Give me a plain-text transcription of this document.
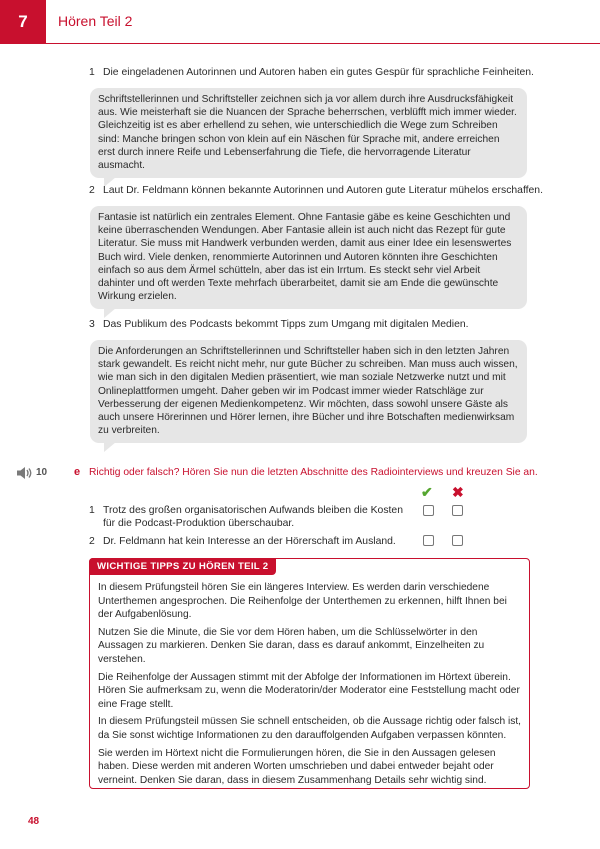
7	Hören Teil 2
1 Die eingeladenen Autorinnen und Autoren haben ein gutes Gespür für sprachliche Feinheiten.
Schriftstellerinnen und Schriftsteller zeichnen sich ja vor allem durch ihre Ausdrucksfähigkeit aus. Wie meisterhaft sie die Nuancen der Sprache beherrschen, verblüfft mich immer wieder. Gleichzeitig ist es aber erhellend zu sehen, wie unterschiedlich die Wege zum Schreiben sind: Manche bringen schon von klein auf ein Näschen für Sprache mit, andere erreichen erst durch innere Reife und Lebenserfahrung die Tiefe, die hervorragende Literatur ausmacht.
2 Laut Dr. Feldmann können bekannte Autorinnen und Autoren gute Literatur mühelos erschaffen.
Fantasie ist natürlich ein zentrales Element. Ohne Fantasie gäbe es keine Geschichten und keine überraschenden Wendungen. Aber Fantasie allein ist auch nicht das Rezept für gute Literatur. Sie muss mit Handwerk verbunden werden, damit aus einer Idee ein lesenswertes Buch wird. Viele denken, renommierte Autorinnen und Autoren könnten ihre Geschichten einfach so aus dem Ärmel schütteln, aber das ist ein Irrtum. Es steckt sehr viel Arbeit dahinter und oft werden Texte mehrfach überarbeitet, damit sie am Ende die gewünschte Wirkung erzielen.
3 Das Publikum des Podcasts bekommt Tipps zum Umgang mit digitalen Medien.
Die Anforderungen an Schriftstellerinnen und Schriftsteller haben sich in den letzten Jahren stark gewandelt. Es reicht nicht mehr, nur gute Bücher zu schreiben. Man muss auch wissen, wie man sich in den digitalen Medien präsentiert, wie man soziale Netzwerke nutzt und mit Onlineplattformen umgeht. Daher geben wir im Podcast immer wieder Ratschläge zur Verbesserung der eigenen Medienkompetenz. Wir möchten, dass sowohl unsere Gäste als auch unsere Hörerinnen und Hörer lernen, ihre Bücher und ihre Botschaften medienwirksam zu verbreiten.
10 e Richtig oder falsch? Hören Sie nun die letzten Abschnitte des Radiointerviews und kreuzen Sie an.
✔ ✖
1 Trotz des großen organisatorischen Aufwands bleiben die Kosten für die Podcast-Produktion überschaubar.
2 Dr. Feldmann hat kein Interesse an der Hörerschaft im Ausland.
WICHTIGE TIPPS ZU HÖREN TEIL 2

In diesem Prüfungsteil hören Sie ein längeres Interview. Es werden darin verschiedene Unterthemen angesprochen. Die Reihenfolge der Unterthemen zu erkennen, hilft Ihnen bei der Aufgabenlösung.

Nutzen Sie die Minute, die Sie vor dem Hören haben, um die Schlüsselwörter in den Aussagen zu markieren. Denken Sie daran, dass es darauf ankommt, Einzelheiten zu verstehen.

Die Reihenfolge der Aussagen stimmt mit der Abfolge der Informationen im Hörtext überein. Hören Sie aufmerksam zu, wenn die Moderatorin/der Moderator eine Feststellung macht oder eine Frage stellt.

In diesem Prüfungsteil müssen Sie schnell entscheiden, ob die Aussage richtig oder falsch ist, da Sie sonst wichtige Informationen zu den darauffolgenden Aufgaben verpassen könnten.

Sie werden im Hörtext nicht die Formulierungen hören, die Sie in den Aussagen gelesen haben. Diese werden mit anderen Worten umschrieben und dabei entweder bejaht oder verneint. Denken Sie daran, dass in diesem Zusammenhang Details sehr wichtig sind.

48
